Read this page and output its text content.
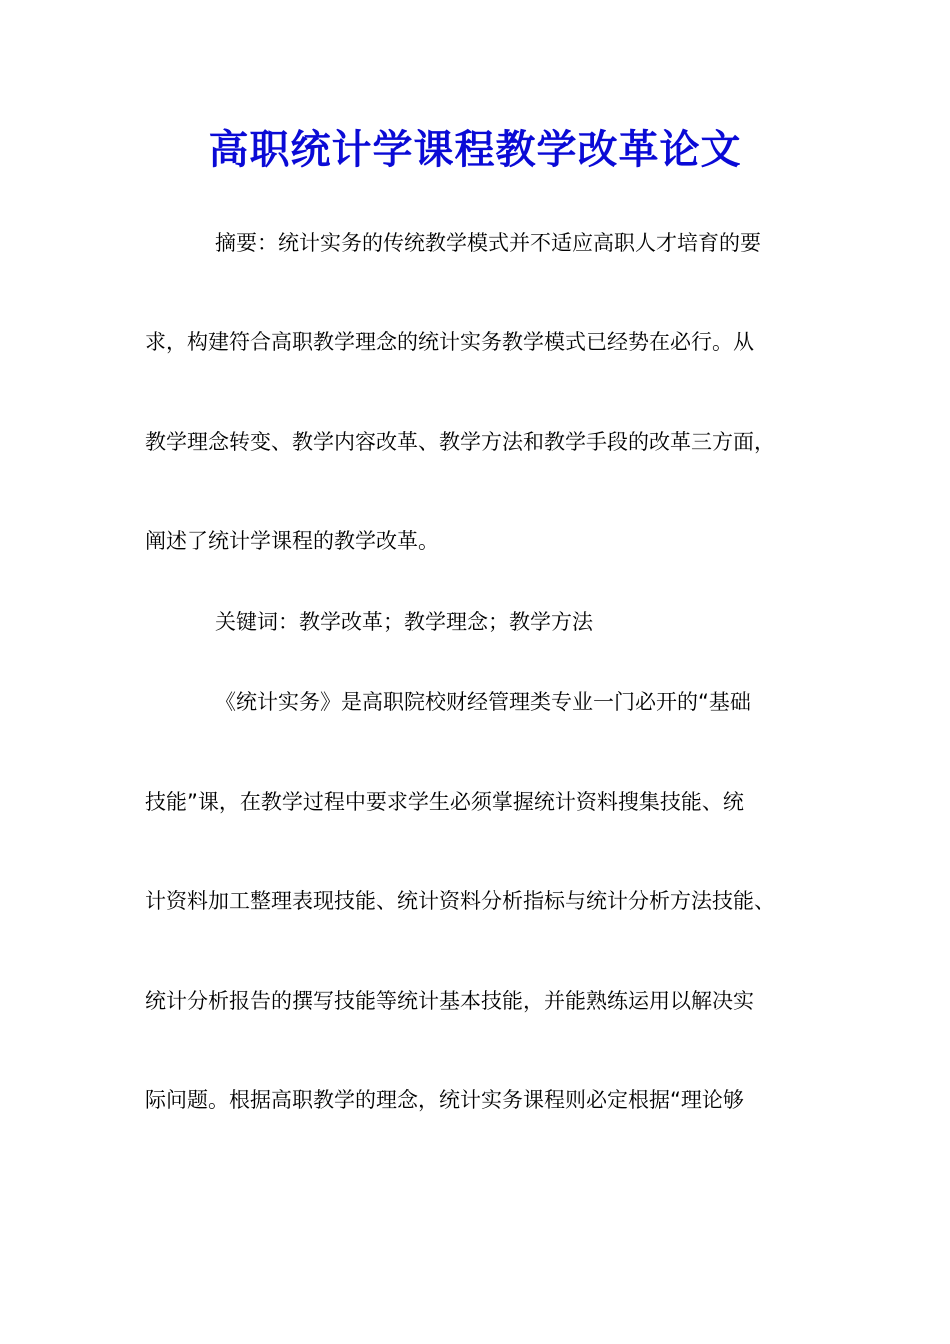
高职统计学课程教学改革论文
摘要：统计实务的传统教学模式并不适应高职人才培育的要
求，构建符合高职教学理念的统计实务教学模式已经势在必行。从
教学理念转变、教学内容改革、教学方法和教学手段的改革三方面，
阐述了统计学课程的教学改革。
关键词：教学改革；教学理念；教学方法
《统计实务》是高职院校财经管理类专业一门必开的“基础
技能”课，在教学过程中要求学生必须掌握统计资料搜集技能、统
计资料加工整理表现技能、统计资料分析指标与统计分析方法技能、
统计分析报告的撰写技能等统计基本技能，并能熟练运用以解决实
际问题。根据高职教学的理念，统计实务课程则必定根据“理论够
